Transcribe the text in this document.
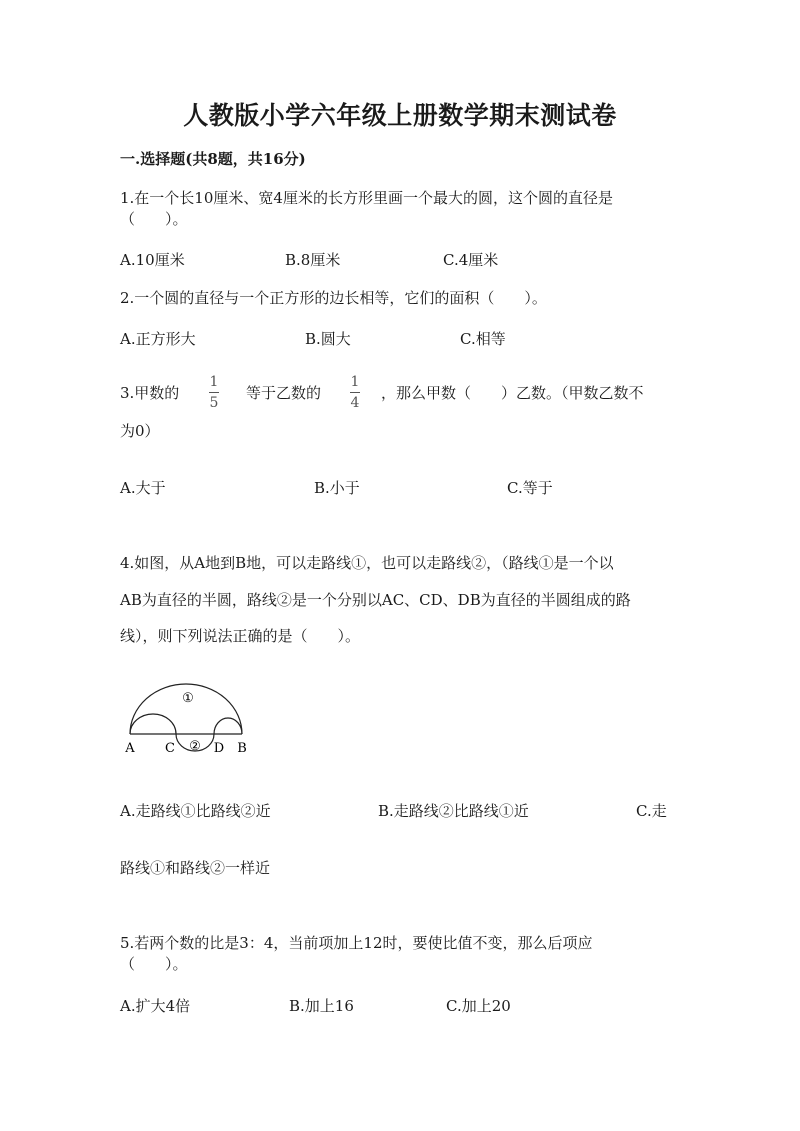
人教版小学六年级上册数学期末测试卷
一.选择题(共8题，共16分)
1.在一个长10厘米、宽4厘米的长方形里画一个最大的圆，这个圆的直径是
（　　）。
A.10厘米	B.8厘米	C.4厘米
2.一个圆的直径与一个正方形的边长相等，它们的面积（　　）。
A.正方形大	B.圆大	C.相等
3.甲数的
1
5
等于乙数的
1
4
，那么甲数（　　）乙数。（甲数乙数不
为0）
A.大于	B.小于	C.等于
4.如图，从A地到B地，可以走路线①，也可以走路线②，（路线①是一个以
AB为直径的半圆，路线②是一个分别以AC、CD、DB为直径的半圆组成的路
线），则下列说法正确的是（　　）。
①
②
A C	D B
A.走路线①比路线②近	B.走路线②比路线①近	C.走
路线①和路线②一样近
5.若两个数的比是3：4，当前项加上12时，要使比值不变，那么后项应
（　　）。
A.扩大4倍	B.加上16	C.加上20
